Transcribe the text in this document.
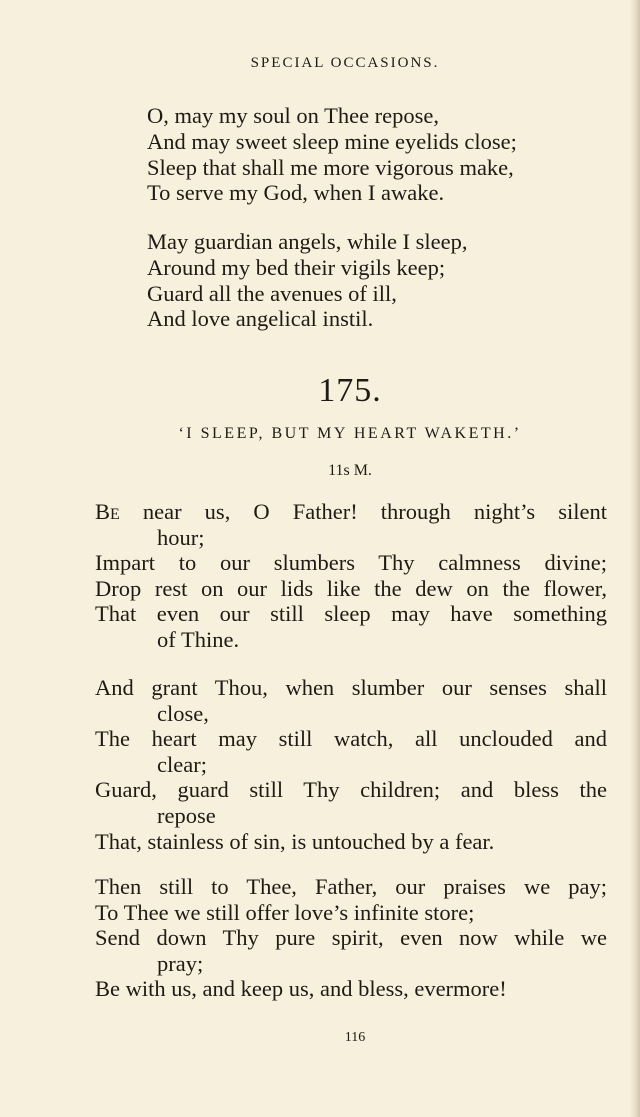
SPECIAL OCCASIONS.
O, may my soul on Thee repose,
And may sweet sleep mine eyelids close;
Sleep that shall me more vigorous make,
To serve my God, when I awake.
May guardian angels, while I sleep,
Around my bed their vigils keep;
Guard all the avenues of ill,
And love angelical instil.
175.
‘I SLEEP, BUT MY HEART WAKETH.’
11s M.
Be near us, O Father! through night’s silent
hour;
Impart to our slumbers Thy calmness divine;
Drop rest on our lids like the dew on the flower,
That even our still sleep may have something
of Thine.
And grant Thou, when slumber our senses shall
close,
The heart may still watch, all unclouded and
clear;
Guard, guard still Thy children; and bless the
repose
That, stainless of sin, is untouched by a fear.
Then still to Thee, Father, our praises we pay;
To Thee we still offer love’s infinite store;
Send down Thy pure spirit, even now while we
pray;
Be with us, and keep us, and bless, evermore!
116
